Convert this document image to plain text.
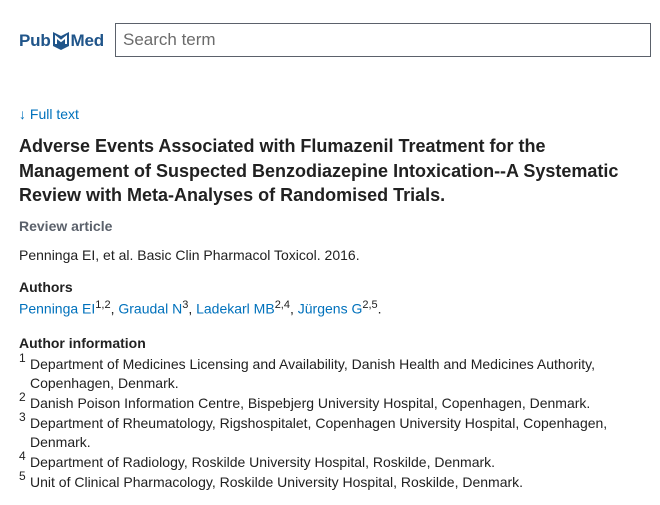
Pub Med
Search term
↓ Full text
Adverse Events Associated with Flumazenil Treatment for the Management of Suspected Benzodiazepine Intoxication--A Systematic Review with Meta-Analyses of Randomised Trials.
Review article
Penninga EI, et al. Basic Clin Pharmacol Toxicol. 2016.
Authors
Penninga EI$^{1,2}$, Graudal $N^3$, Ladekarl MB$^{2,4}$, Jürgens G$^{2,5}$.
Author information
1 Department of Medicines Licensing and Availability, Danish Health and Medicines Authority, Copenhagen, Denmark.
2 Danish Poison Information Centre, Bispebjerg University Hospital, Copenhagen, Denmark.
3 Department of Rheumatology, Rigshospitalet, Copenhagen University Hospital, Copenhagen, Denmark.
4 Department of Radiology, Roskilde University Hospital, Roskilde, Denmark.
5 Unit of Clinical Pharmacology, Roskilde University Hospital, Roskilde, Denmark.
